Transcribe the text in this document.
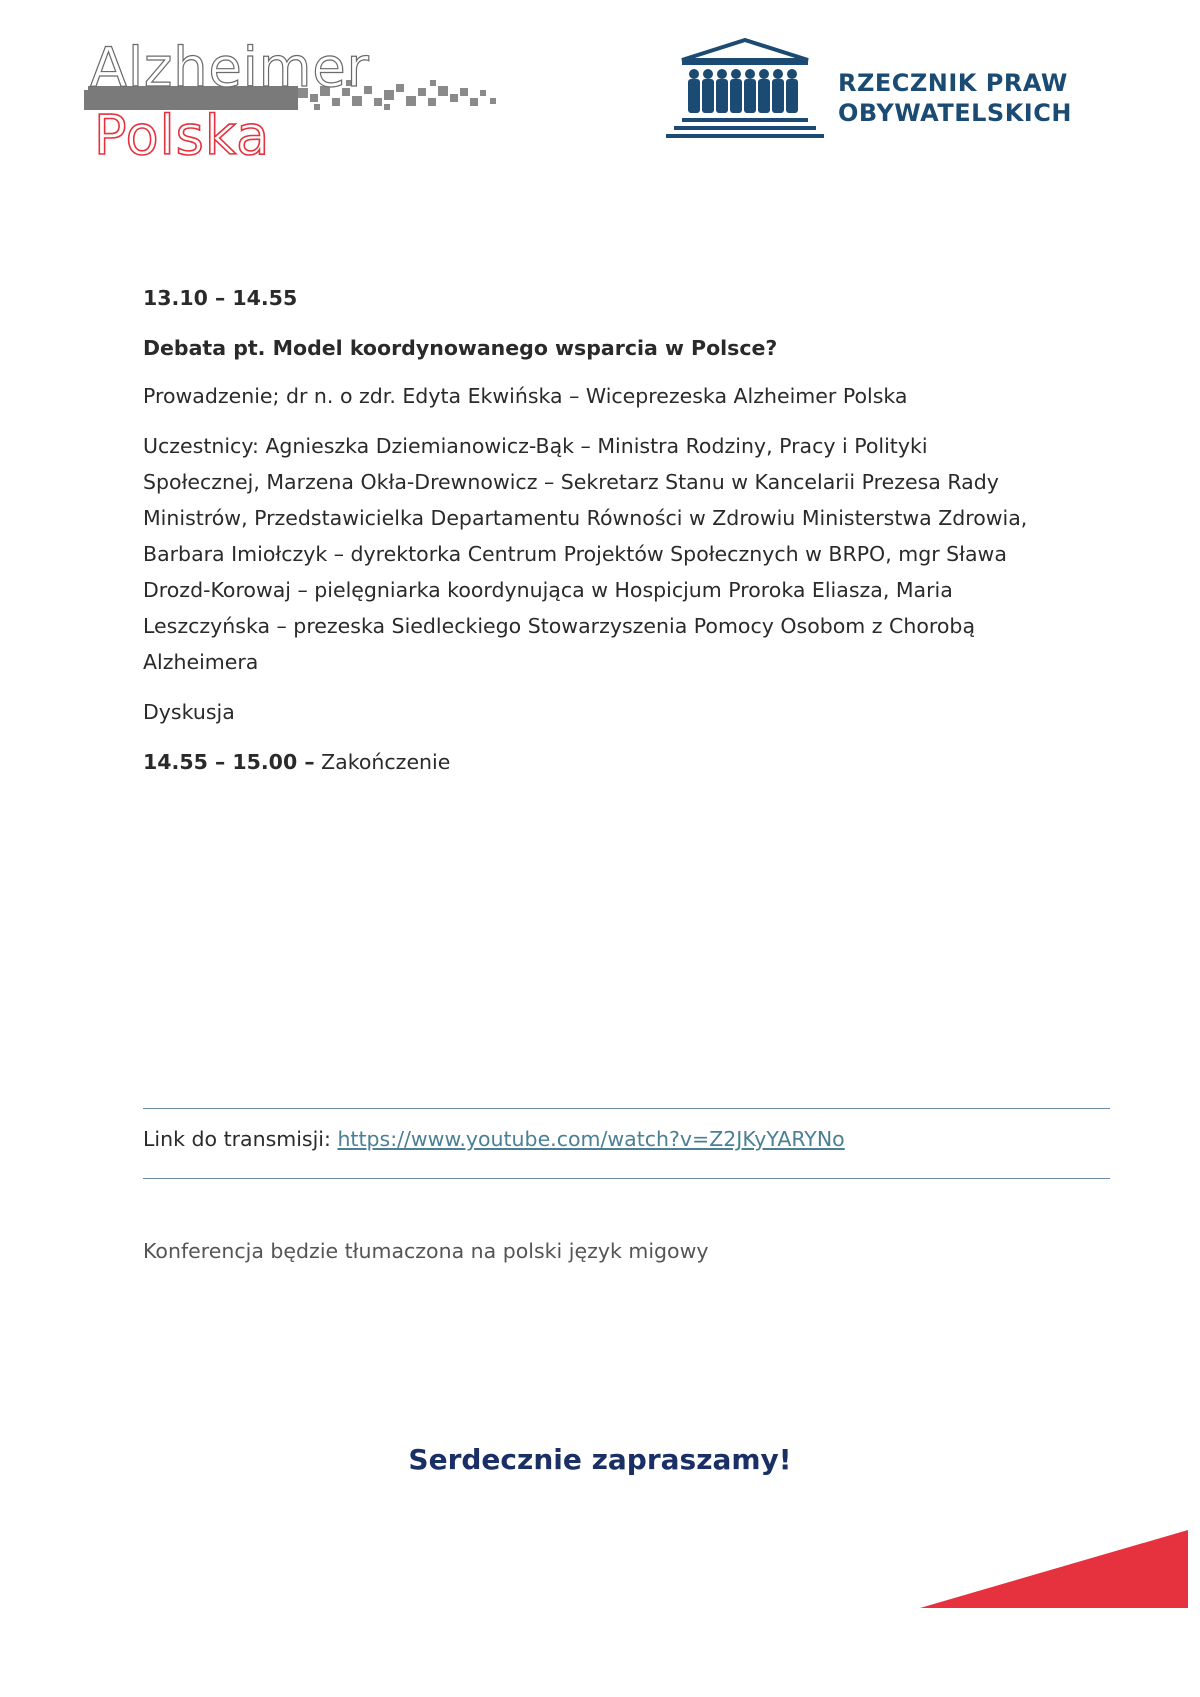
Alzheimer
Polska
RZECZNIK PRAW
OBYWATELSKICH

13.10 – 14.55

Debata pt. Model koordynowanego wsparcia w Polsce?

Prowadzenie; dr n. o zdr. Edyta Ekwińska – Wiceprezeska Alzheimer Polska

Uczestnicy: Agnieszka Dziemianowicz-Bąk – Ministra Rodziny, Pracy i Polityki
Społecznej, Marzena Okła-Drewnowicz – Sekretarz Stanu w Kancelarii Prezesa Rady
Ministrów, Przedstawicielka Departamentu Równości w Zdrowiu Ministerstwa Zdrowia,
Barbara Imiołczyk – dyrektorka Centrum Projektów Społecznych w BRPO, mgr Sława
Drozd-Korowaj – pielęgniarka koordynująca w Hospicjum Proroka Eliasza, Maria
Leszczyńska – prezeska Siedleckiego Stowarzyszenia Pomocy Osobom z Chorobą
Alzheimera

Dyskusja

14.55 – 15.00 – Zakończenie

Link do transmisji: https://www.youtube.com/watch?v=Z2JKyYARYNo
Konferencja będzie tłumaczona na polski język migowy
Serdecznie zapraszamy!
